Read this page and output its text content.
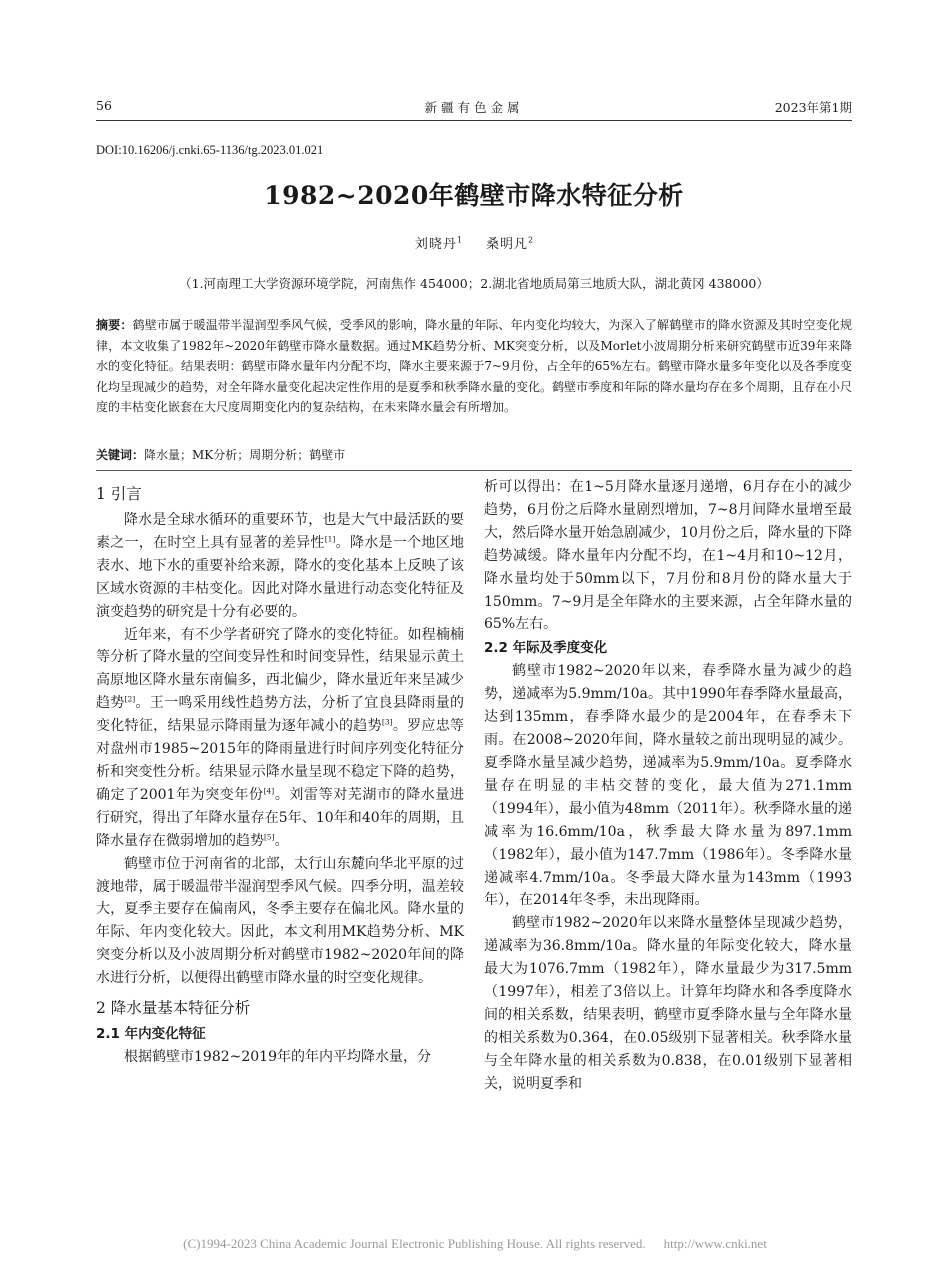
56	新疆有色金属	2023年第1期
DOI:10.16206/j.cnki.65-1136/tg.2023.01.021
1982~2020年鹤壁市降水特征分析
刘晓丹$^1$ 桑明凡$^2$
（1.河南理工大学资源环境学院，河南焦作 454000；2.湖北省地质局第三地质大队，湖北黄冈 438000）
摘要：鹤壁市属于暖温带半湿润型季风气候，受季风的影响，降水量的年际、年内变化均较大，为深入了解鹤壁市的降水资源及其时空变化规律，本文收集了1982年~2020年鹤壁市降水量数据。通过MK趋势分析、MK突变分析，以及Morlet小波周期分析来研究鹤壁市近39年来降水的变化特征。结果表明：鹤壁市降水量年内分配不均，降水主要来源于7~9月份，占全年的65%左右。鹤壁市降水量多年变化以及各季度变化均呈现减少的趋势，对全年降水量变化起决定性作用的是夏季和秋季降水量的变化。鹤壁市季度和年际的降水量均存在多个周期，且存在小尺度的丰枯变化嵌套在大尺度周期变化内的复杂结构，在未来降水量会有所增加。
关键词：降水量；MK分析；周期分析；鹤壁市
1 引言

降水是全球水循环的重要环节，也是大气中最活跃的要素之一，在时空上具有显著的差异性[1]。降水是一个地区地表水、地下水的重要补给来源，降水的变化基本上反映了该区域水资源的丰枯变化。因此对降水量进行动态变化特征及演变趋势的研究是十分有必要的。

近年来，有不少学者研究了降水的变化特征。如程楠楠等分析了降水量的空间变异性和时间变异性，结果显示黄土高原地区降水量东南偏多，西北偏少，降水量近年来呈减少趋势[2]。王一鸣采用线性趋势方法，分析了宜良县降雨量的变化特征，结果显示降雨量为逐年减小的趋势[3]。罗应忠等对盘州市1985~2015年的降雨量进行时间序列变化特征分析和突变性分析。结果显示降水量呈现不稳定下降的趋势，确定了2001年为突变年份[4]。刘雷等对芜湖市的降水量进行研究，得出了年降水量存在5年、10年和40年的周期，且降水量存在微弱增加的趋势[5]。

鹤壁市位于河南省的北部，太行山东麓向华北平原的过渡地带，属于暖温带半湿润型季风气候。四季分明，温差较大，夏季主要存在偏南风，冬季主要存在偏北风。降水量的年际、年内变化较大。因此，本文利用MK趋势分析、MK突变分析以及小波周期分析对鹤壁市1982~2020年间的降水进行分析，以便得出鹤壁市降水量的时空变化规律。

2 降水量基本特征分析
2.1 年内变化特征

根据鹤壁市1982~2019年的年内平均降水量，分

析可以得出：在1~5月降水量逐月递增，6月存在小的减少趋势，6月份之后降水量剧烈增加，7~8月间降水量增至最大，然后降水量开始急剧减少，10月份之后，降水量的下降趋势减缓。降水量年内分配不均，在1~4月和10~12月，降水量均处于50mm以下，7月份和8月份的降水量大于150mm。7~9月是全年降水的主要来源，占全年降水量的65%左右。

2.2 年际及季度变化

鹤壁市1982~2020年以来，春季降水量为减少的趋势，递减率为5.9mm/10a。其中1990年春季降水量最高，达到135mm，春季降水最少的是2004年，在春季未下雨。在2008~2020年间，降水量较之前出现明显的减少。夏季降水量呈减少趋势，递减率为5.9mm/10a。夏季降水量存在明显的丰枯交替的变化，最大值为271.1mm（1994年），最小值为48mm（2011年）。秋季降水量的递减率为16.6mm/10a，秋季最大降水量为897.1mm（1982年），最小值为147.7mm（1986年）。冬季降水量递减率4.7mm/10a。冬季最大降水量为143mm（1993年），在2014年冬季，未出现降雨。

鹤壁市1982~2020年以来降水量整体呈现减少趋势，递减率为36.8mm/10a。降水量的年际变化较大，降水量最大为1076.7mm（1982年），降水量最少为317.5mm（1997年），相差了3倍以上。计算年均降水和各季度降水间的相关系数，结果表明，鹤壁市夏季降水量与全年降水量的相关系数为0.364，在0.05级别下显著相关。秋季降水量与全年降水量的相关系数为0.838，在0.01级别下显著相关，说明夏季和

(C)1994-2023 China Academic Journal Electronic Publishing House. All rights reserved. http://www.cnki.net
